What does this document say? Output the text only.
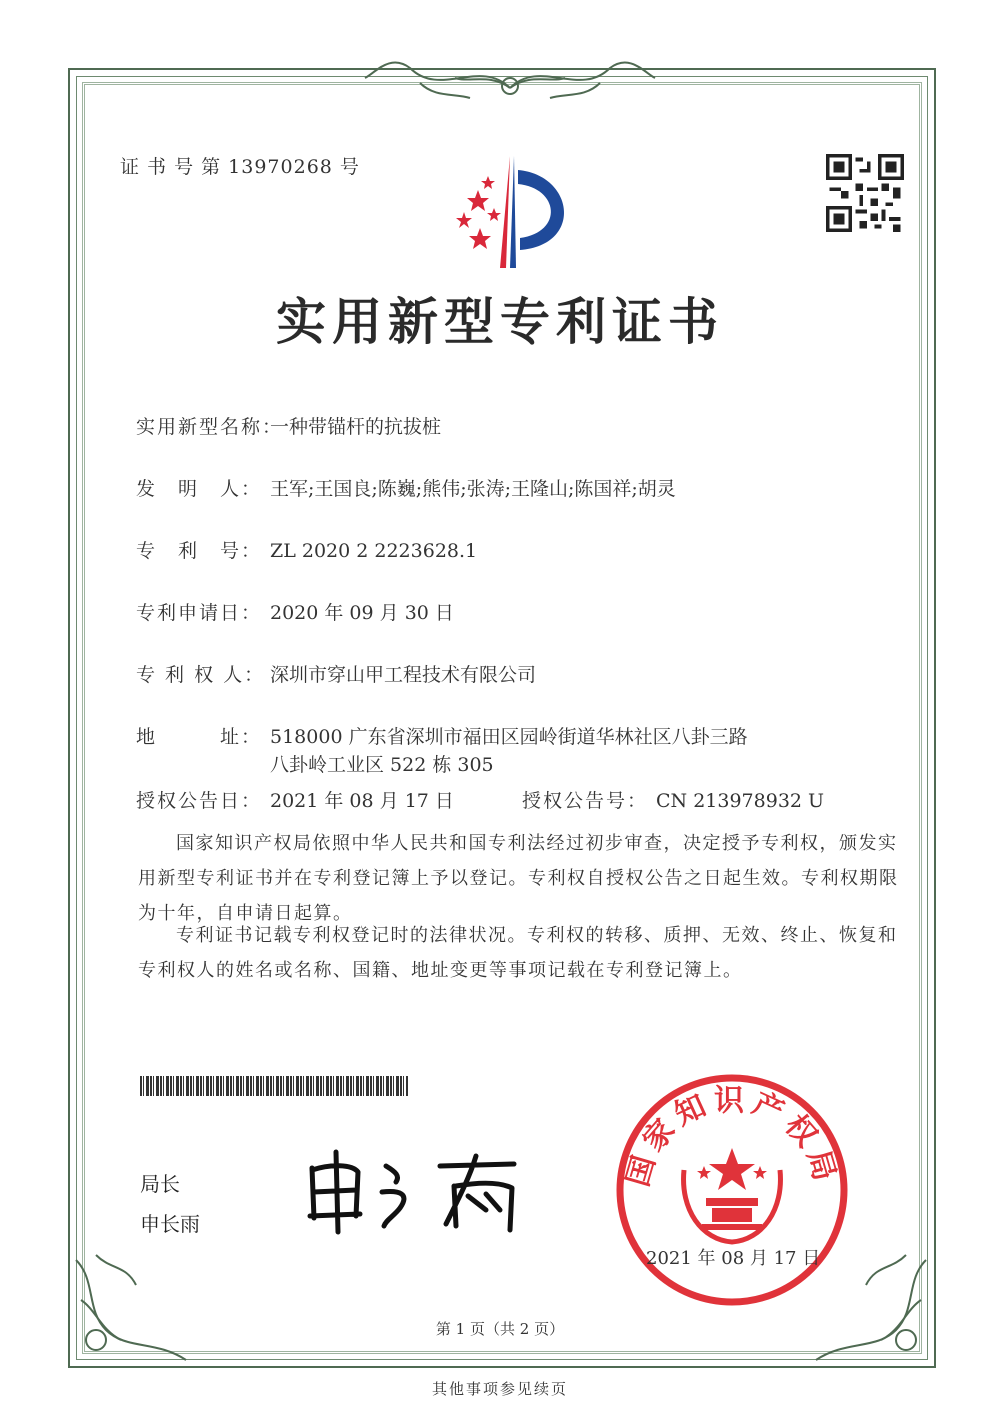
证 书 号 第 13970268 号
实用新型专利证书
实用新型名称：一种带锚杆的抗拔桩
发　明　人： 王军;王国良;陈巍;熊伟;张涛;王隆山;陈国祥;胡灵
专　利　号： ZL 2020 2 2223628.1
专利申请日： 2020 年 09 月 30 日
专 利 权 人： 深圳市穿山甲工程技术有限公司
地　　　址： 518000 广东省深圳市福田区园岭街道华林社区八卦三路
八卦岭工业区 522 栋 305
授权公告日： 2021 年 08 月 17 日	授权公告号： CN 213978932 U
国家知识产权局依照中华人民共和国专利法经过初步审查，决定授予专利权，颁发实用新型专利证书并在专利登记簿上予以登记。专利权自授权公告之日起生效。专利权期限为十年，自申请日起算。
专利证书记载专利权登记时的法律状况。专利权的转移、质押、无效、终止、恢复和专利权人的姓名或名称、国籍、地址变更等事项记载在专利登记簿上。
局长
申长雨
国家知识产权局
2021 年 08 月 17 日
第 1 页（共 2 页）
其他事项参见续页
